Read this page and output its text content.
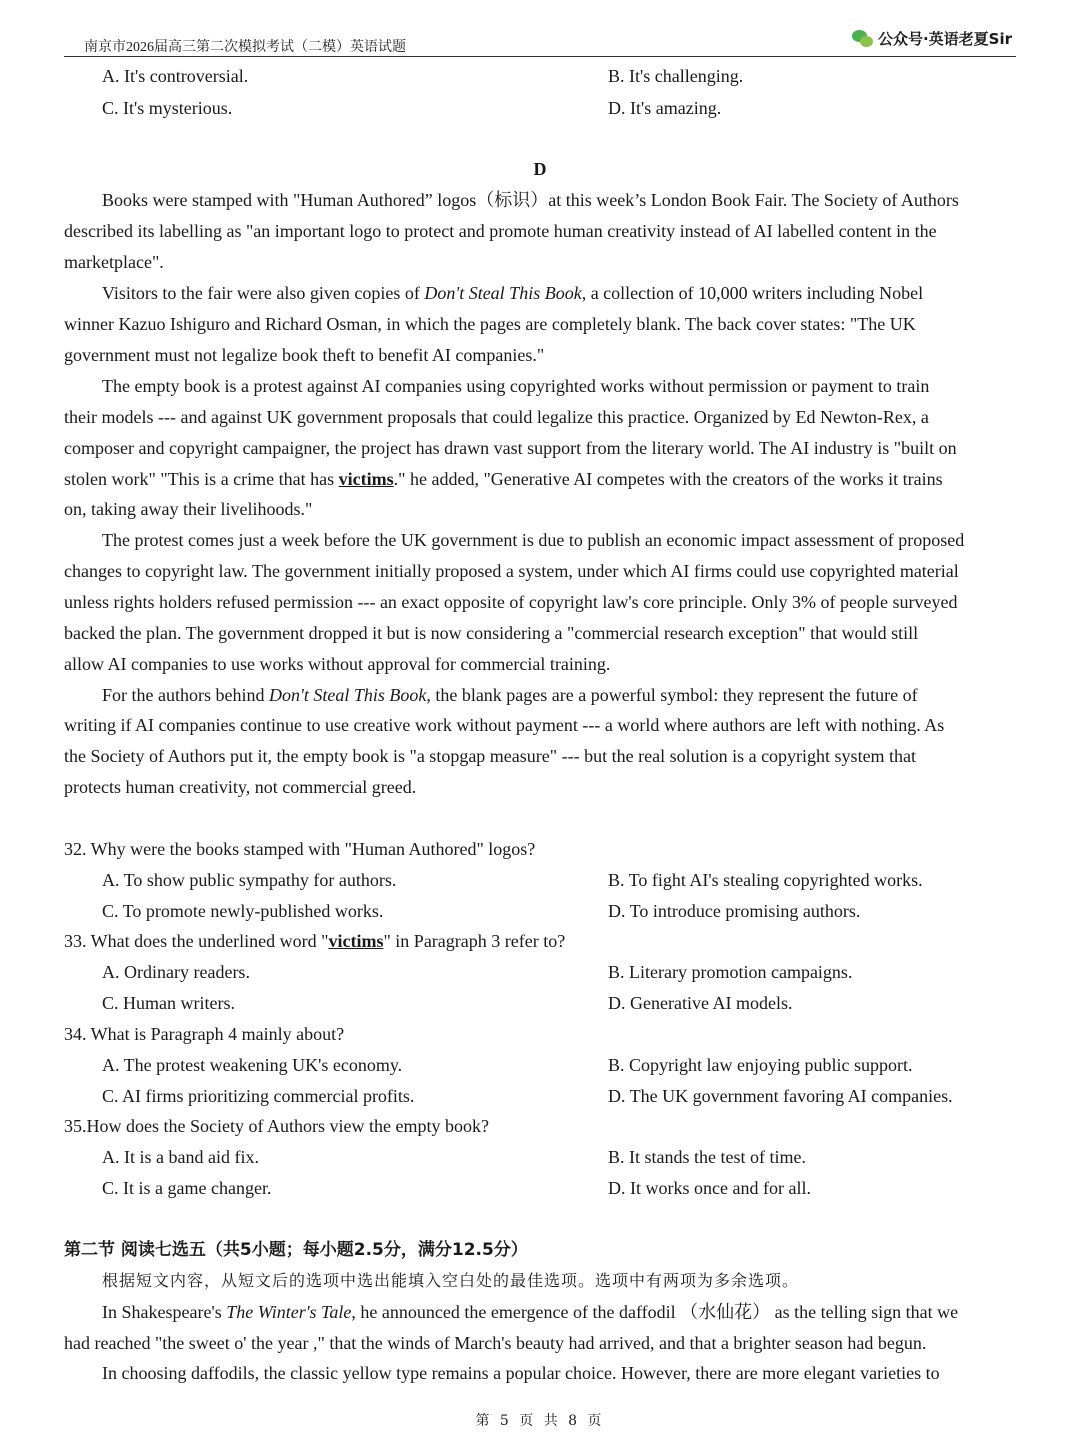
南京市2026届高三第二次模拟考试（二模）英语试题	公众号·英语老夏Sir
A. It's controversial.	B. It's challenging.
C. It's mysterious.	D. It's amazing.
D
Books were stamped with "Human Authored” logos（标识）at this week’s London Book Fair. The Society of Authors
described its labelling as "an important logo to protect and promote human creativity instead of AI labelled content in the
marketplace".
Visitors to the fair were also given copies of Don't Steal This Book, a collection of 10,000 writers including Nobel
winner Kazuo Ishiguro and Richard Osman, in which the pages are completely blank. The back cover states: "The UK
government must not legalize book theft to benefit AI companies."
The empty book is a protest against AI companies using copyrighted works without permission or payment to train
their models --- and against UK government proposals that could legalize this practice. Organized by Ed Newton-Rex, a
composer and copyright campaigner, the project has drawn vast support from the literary world. The AI industry is "built on
stolen work" "This is a crime that has victims." he added, "Generative AI competes with the creators of the works it trains
on, taking away their livelihoods."
The protest comes just a week before the UK government is due to publish an economic impact assessment of proposed
changes to copyright law. The government initially proposed a system, under which AI firms could use copyrighted material
unless rights holders refused permission --- an exact opposite of copyright law's core principle. Only 3% of people surveyed
backed the plan. The government dropped it but is now considering a "commercial research exception" that would still
allow AI companies to use works without approval for commercial training.
For the authors behind Don't Steal This Book, the blank pages are a powerful symbol: they represent the future of
writing if AI companies continue to use creative work without payment --- a world where authors are left with nothing. As
the Society of Authors put it, the empty book is "a stopgap measure" --- but the real solution is a copyright system that
protects human creativity, not commercial greed.
32. Why were the books stamped with "Human Authored" logos?
A. To show public sympathy for authors.	B. To fight AI's stealing copyrighted works.
C. To promote newly-published works.	D. To introduce promising authors.
33. What does the underlined word "victims" in Paragraph 3 refer to?
A. Ordinary readers.	B. Literary promotion campaigns.
C. Human writers.	D. Generative AI models.
34. What is Paragraph 4 mainly about?
A. The protest weakening UK's economy.	B. Copyright law enjoying public support.
C. AI firms prioritizing commercial profits.	D. The UK government favoring AI companies.
35.How does the Society of Authors view the empty book?
A. It is a band aid fix.	B. It stands the test of time.
C. It is a game changer.	D. It works once and for all.
第二节 阅读七选五（共5小题；每小题2.5分，满分12.5分）
根据短文内容，从短文后的选项中选出能填入空白处的最佳选项。选项中有两项为多余选项。
In Shakespeare's The Winter's Tale, he announced the emergence of the daffodil （水仙花） as the telling sign that we
had reached "the sweet o' the year ," that the winds of March's beauty had arrived, and that a brighter season had begun.
In choosing daffodils, the classic yellow type remains a popular choice. However, there are more elegant varieties to
第 5 页 共 8 页
